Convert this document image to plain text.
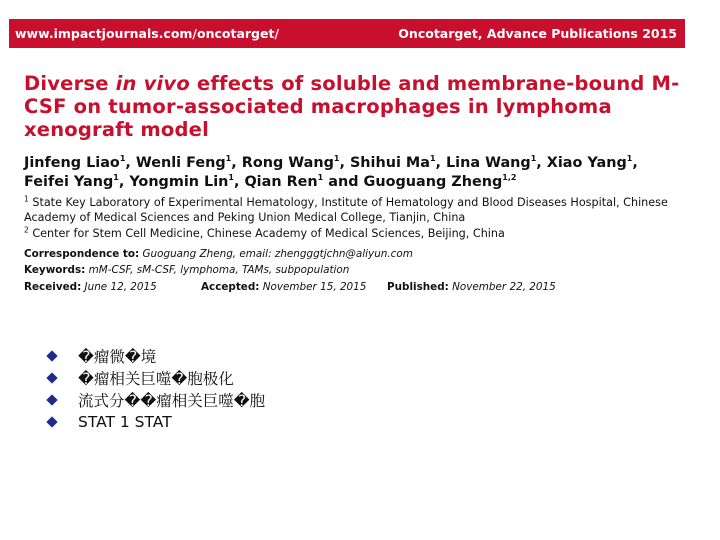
www.impactjournals.com/oncotarget/	Oncotarget, Advance Publications 2015
Diverse in vivo effects of soluble and membrane-bound M-CSF on tumor-associated macrophages in lymphoma xenograft model
Jinfeng Liao$^1$, Wenli Feng$^1$, Rong Wang$^1$, Shihui Ma$^1$, Lina Wang$^1$, Xiao Yang$^1$, Feifei Yang$^1$, Yongmin Lin$^1$, Qian Ren$^1$ and Guoguang Zheng$^{1,2}$
$^1$ State Key Laboratory of Experimental Hematology, Institute of Hematology and Blood Diseases Hospital, Chinese Academy of Medical Sciences and Peking Union Medical College, Tianjin, China
$^2$ Center for Stem Cell Medicine, Chinese Academy of Medical Sciences, Beijing, China
Correspondence to: Guoguang Zheng, email: zhengggtjchn@aliyun.com
Keywords: mM-CSF, sM-CSF, lymphoma, TAMs, subpopulation
Received: June 12, 2015	Accepted: November 15, 2015 Published: November 22, 2015
�瘤微�境
�瘤相关巨噬�胞极化
流式分��瘤相关巨噬�胞
STAT 1 STAT
